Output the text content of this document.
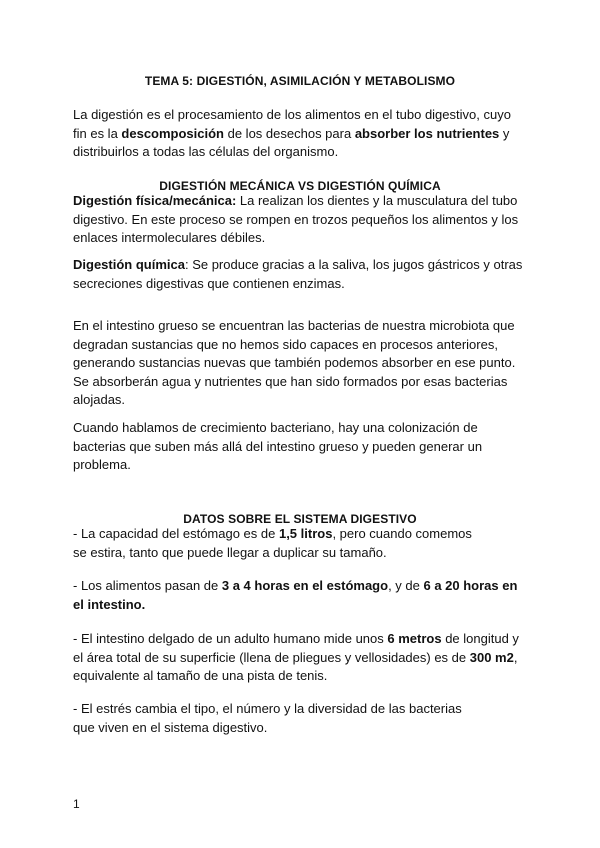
TEMA 5: DIGESTIÓN, ASIMILACIÓN Y METABOLISMO
La digestión es el procesamiento de los alimentos en el tubo digestivo, cuyo
fin es la descomposición de los desechos para absorber los nutrientes y
distribuirlos a todas las células del organismo.
DIGESTIÓN MECÁNICA VS DIGESTIÓN QUÍMICA
Digestión física/mecánica: La realizan los dientes y la musculatura del tubo
digestivo. En este proceso se rompen en trozos pequeños los alimentos y los
enlaces intermoleculares débiles.
Digestión química: Se produce gracias a la saliva, los jugos gástricos y otras
secreciones digestivas que contienen enzimas.
En el intestino grueso se encuentran las bacterias de nuestra microbiota que
degradan sustancias que no hemos sido capaces en procesos anteriores,
generando sustancias nuevas que también podemos absorber en ese punto.
Se absorberán agua y nutrientes que han sido formados por esas bacterias
alojadas.
Cuando hablamos de crecimiento bacteriano, hay una colonización de
bacterias que suben más allá del intestino grueso y pueden generar un
problema.
DATOS SOBRE EL SISTEMA DIGESTIVO
- La capacidad del estómago es de 1,5 litros, pero cuando comemos
se estira, tanto que puede llegar a duplicar su tamaño.
- Los alimentos pasan de 3 a 4 horas en el estómago, y de 6 a 20 horas en
el intestino.
- El intestino delgado de un adulto humano mide unos 6 metros de longitud y
el área total de su superficie (llena de pliegues y vellosidades) es de 300 m2,
equivalente al tamaño de una pista de tenis.
- El estrés cambia el tipo, el número y la diversidad de las bacterias
que viven en el sistema digestivo.
1
